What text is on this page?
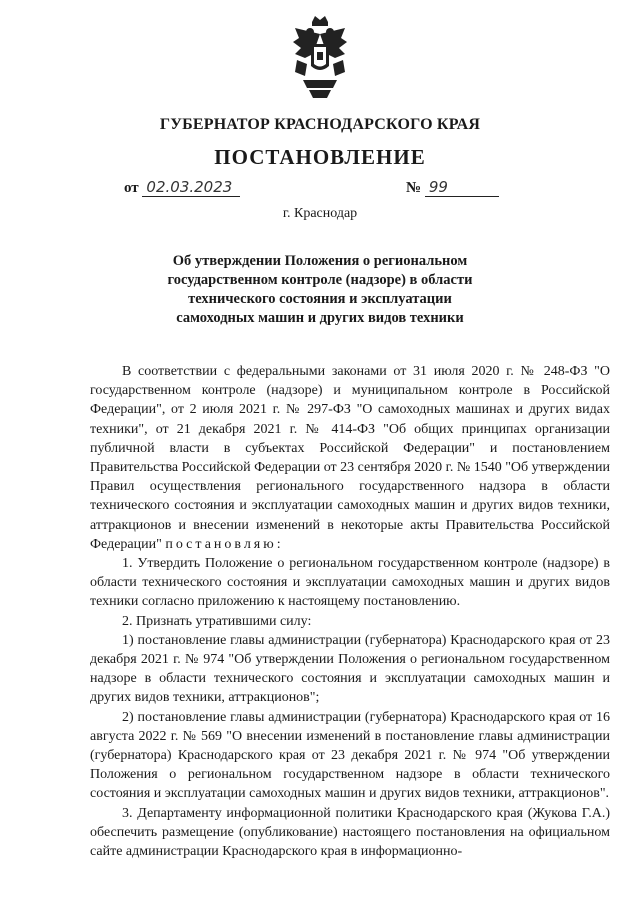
ГУБЕРНАТОР КРАСНОДАРСКОГО КРАЯ
ПОСТАНОВЛЕНИЕ
от 02.03.2023	№ 99
г. Краснодар
Об утверждении Положения о региональном государственном контроле (надзоре) в области технического состояния и эксплуатации самоходных машин и других видов техники

В соответствии с федеральными законами от 31 июля 2020 г. № 248-ФЗ "О государственном контроле (надзоре) и муниципальном контроле в Российской Федерации", от 2 июля 2021 г. № 297-ФЗ "О самоходных машинах и других видах техники", от 21 декабря 2021 г. № 414-ФЗ "Об общих принципах организации публичной власти в субъектах Российской Федерации" и постановлением Правительства Российской Федерации от 23 сентября 2020 г. № 1540 "Об утверждении Правил осуществления регионального государственного надзора в области технического состояния и эксплуатации самоходных машин и других видов техники, аттракционов и внесении изменений в некоторые акты Правительства Российской Федерации" постановляю:

1. Утвердить Положение о региональном государственном контроле (надзоре) в области технического состояния и эксплуатации самоходных машин и других видов техники согласно приложению к настоящему постановлению.

2. Признать утратившими силу:

1) постановление главы администрации (губернатора) Краснодарского края от 23 декабря 2021 г. № 974 "Об утверждении Положения о региональном государственном надзоре в области технического состояния и эксплуатации самоходных машин и других видов техники, аттракционов";

2) постановление главы администрации (губернатора) Краснодарского края от 16 августа 2022 г. № 569 "О внесении изменений в постановление главы администрации (губернатора) Краснодарского края от 23 декабря 2021 г. № 974 "Об утверждении Положения о региональном государственном надзоре в области технического состояния и эксплуатации самоходных машин и других видов техники, аттракционов".

3. Департаменту информационной политики Краснодарского края (Жукова Г.А.) обеспечить размещение (опубликование) настоящего постановления на официальном сайте администрации Краснодарского края в информационно-
